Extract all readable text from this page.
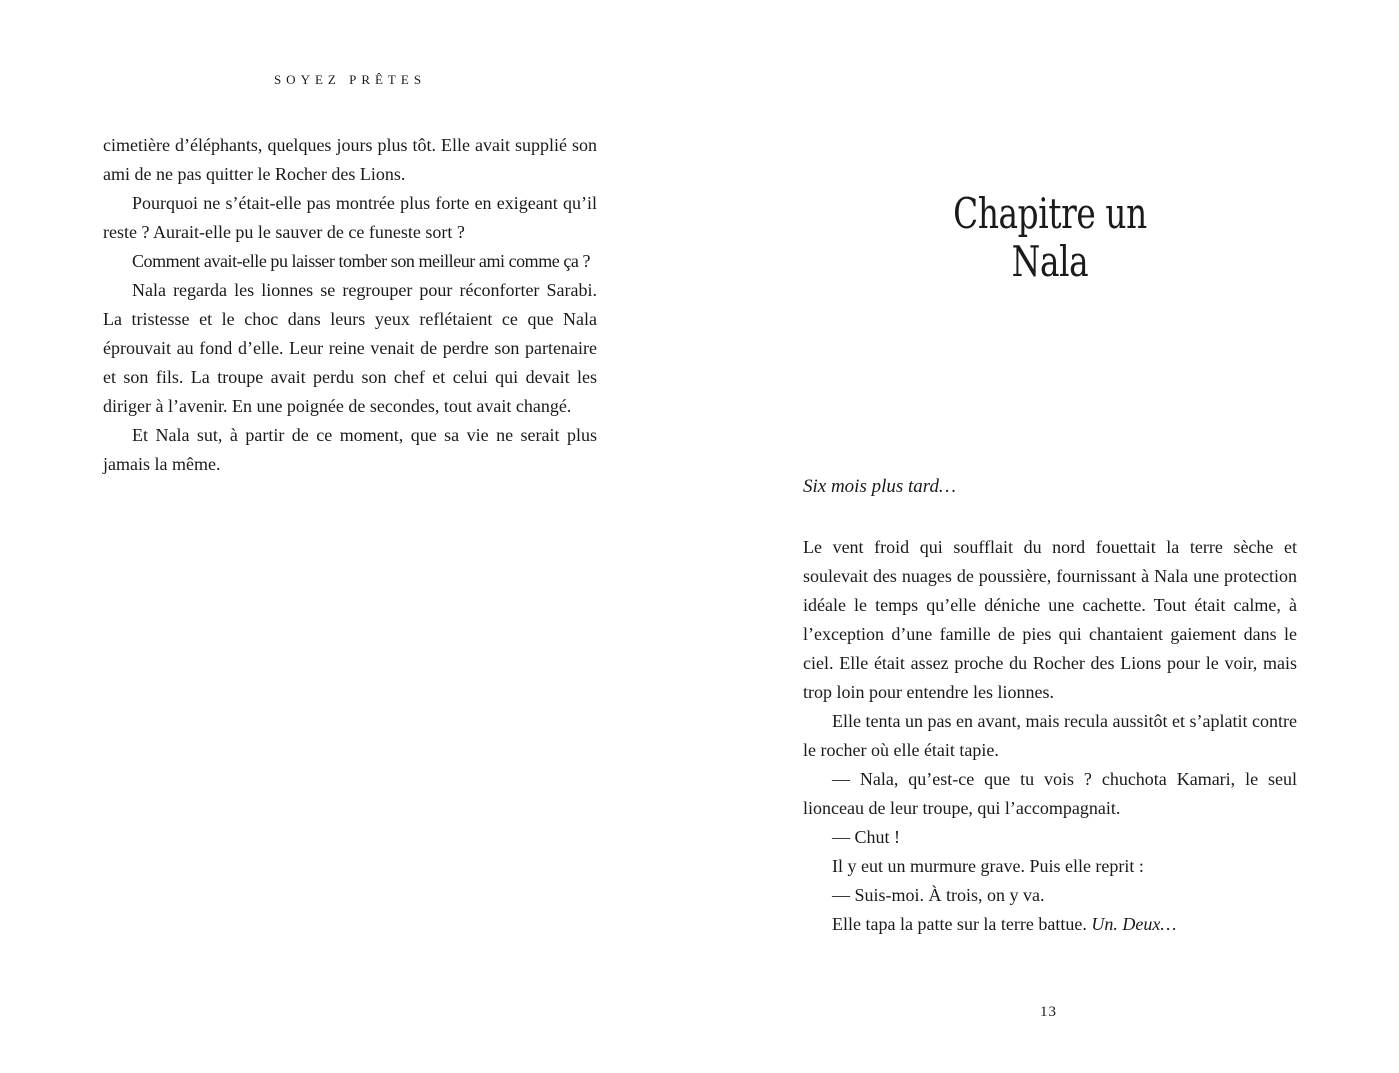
SOYEZ PRÊTES

cimetière d’éléphants, quelques jours plus tôt. Elle avait supplié son ami de ne pas quitter le Rocher des Lions.

Pourquoi ne s’était-elle pas montrée plus forte en exigeant qu’il reste ? Aurait-elle pu le sauver de ce funeste sort ?

Comment avait-elle pu laisser tomber son meilleur ami comme ça ?

Nala regarda les lionnes se regrouper pour réconforter Sarabi. La tristesse et le choc dans leurs yeux reflétaient ce que Nala éprouvait au fond d’elle. Leur reine venait de perdre son partenaire et son fils. La troupe avait perdu son chef et celui qui devait les diriger à l’avenir. En une poignée de secondes, tout avait changé.

Et Nala sut, à partir de ce moment, que sa vie ne serait plus jamais la même.

Chapitre un
Nala
Six mois plus tard…

Le vent froid qui soufflait du nord fouettait la terre sèche et soulevait des nuages de poussière, fournissant à Nala une protection idéale le temps qu’elle déniche une cachette. Tout était calme, à l’exception d’une famille de pies qui chantaient gaiement dans le ciel. Elle était assez proche du Rocher des Lions pour le voir, mais trop loin pour entendre les lionnes.

Elle tenta un pas en avant, mais recula aussitôt et s’aplatit contre le rocher où elle était tapie.

— Nala, qu’est-ce que tu vois ? chuchota Kamari, le seul lionceau de leur troupe, qui l’accompagnait.

— Chut !

Il y eut un murmure grave. Puis elle reprit :

— Suis-moi. À trois, on y va.

Elle tapa la patte sur la terre battue. Un. Deux…

13
